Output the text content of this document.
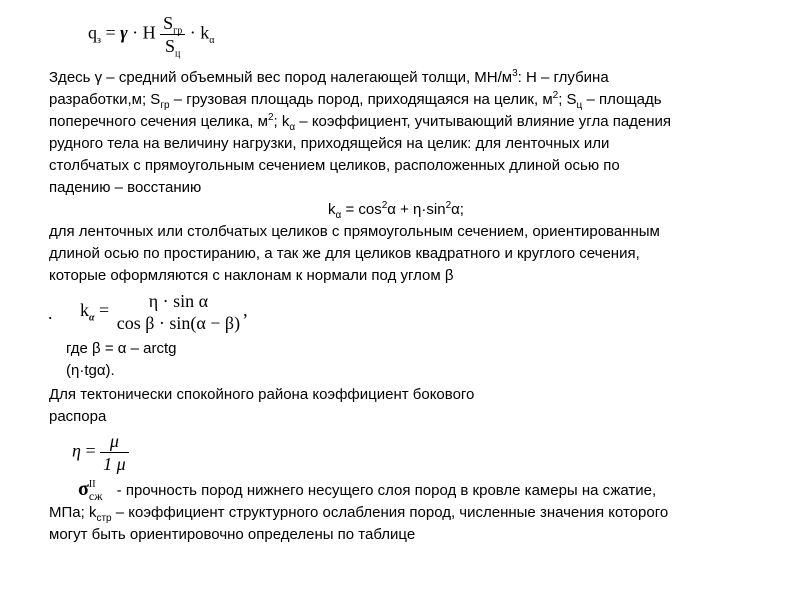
$q_з = \gamma \cdot H$ $S_{гр}$
$S_ц$
· $k_\alpha$
Здесь γ – средний объемный вес пород налегающей толщи, $МН/м^3$: H – глубина
разработки,м; $S_{гр}$ – грузовая площадь пород, приходящаяся на целик, $м^2$; $S_ц$ – площадь
поперечного сечения целика, $м^2$; $k_\alpha$ – коэффициент, учитывающий влияние угла падения
рудного тела на величину нагрузки, приходящейся на целик: для ленточных или
столбчатых с прямоугольным сечением целиков, расположенных длиной осью по
падению – восстанию
$k_\alpha = \cos^2\alpha + \eta\cdot\sin^2\alpha$;
для ленточных или столбчатых целиков с прямоугольным сечением, ориентированным
длиной осью по простиранию, а так же для целиков квадратного и круглого сечения,
которые оформляются с наклонам к нормали под углом β
. $k_\alpha$ =	η · sin α
cos β · sin(α − β)
,
где β = α – arctg
(η·tgα).
Для тектонически спокойного района коэффициент бокового
распора
$\eta = \frac{\mu}{1 \mu}$
σ II
сж - прочность пород нижнего несущего слоя пород в кровле камеры на сжатие,
МПа; $k_{стр}$ – коэффициент структурного ослабления пород, численные значения которого
могут быть ориентировочно определены по таблице
